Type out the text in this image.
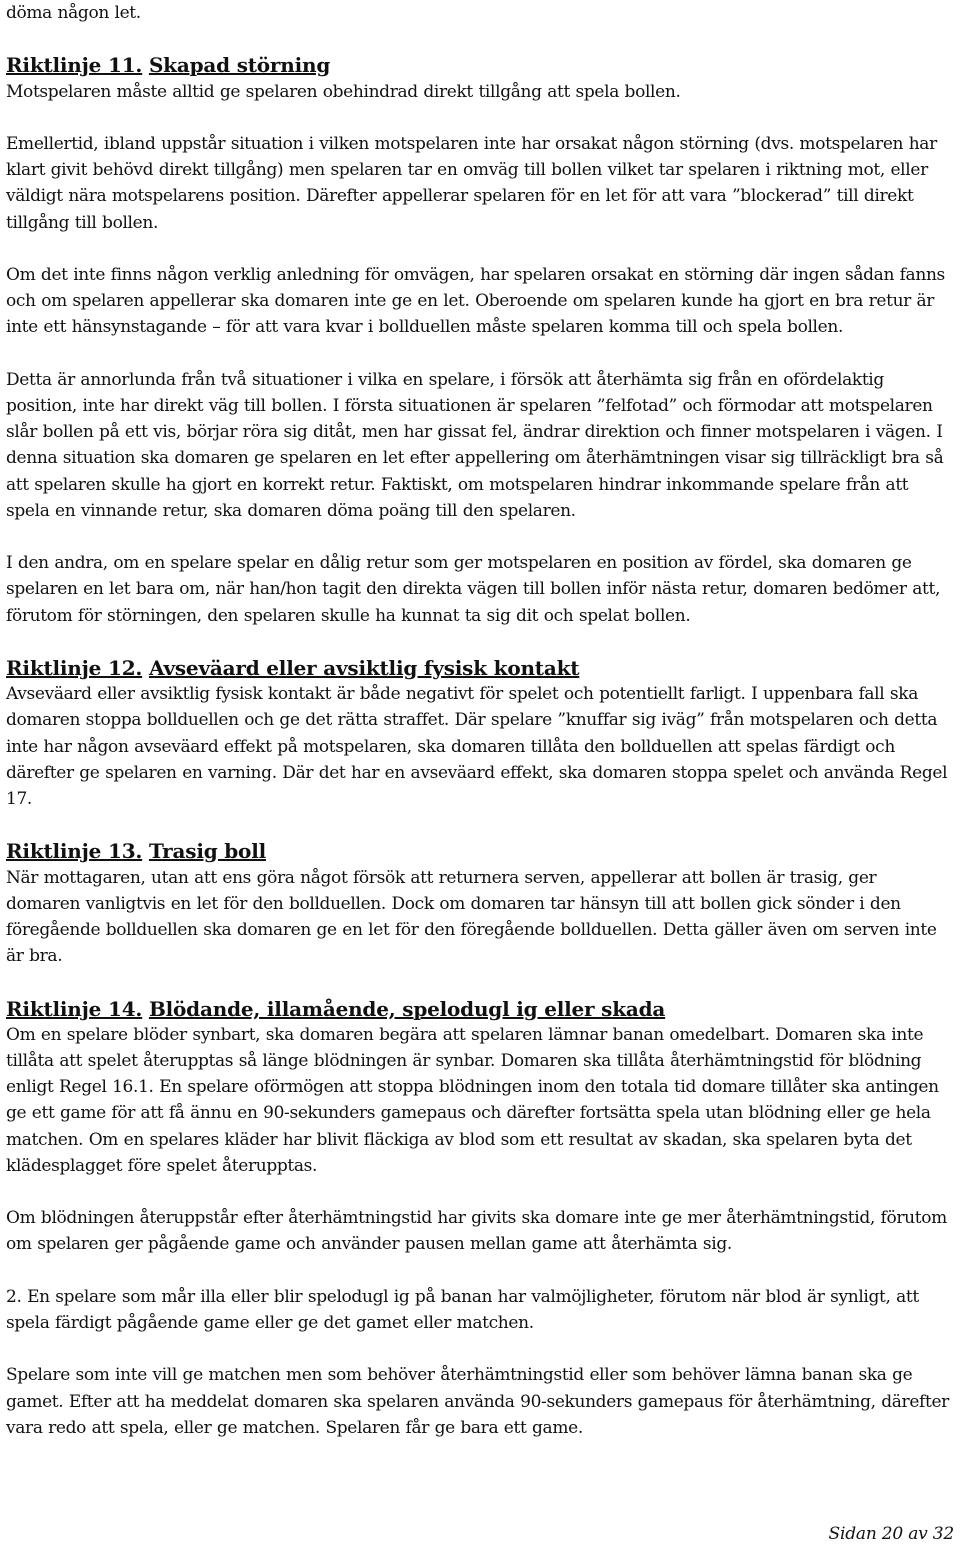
döma någon let.

Riktlinje 11. Skapad störning

Motspelaren måste alltid ge spelaren obehindrad direkt tillgång att spela bollen.

Emellertid, ibland uppstår situation i vilken motspelaren inte har orsakat någon störning (dvs. motspelaren har klart givit behövd direkt tillgång) men spelaren tar en omväg till bollen vilket tar spelaren i riktning mot, eller väldigt nära motspelarens position. Därefter appellerar spelaren för en let för att vara ”blockerad” till direkt tillgång till bollen.

Om det inte finns någon verklig anledning för omvägen, har spelaren orsakat en störning där ingen sådan fanns och om spelaren appellerar ska domaren inte ge en let. Oberoende om spelaren kunde ha gjort en bra retur är inte ett hänsynstagande – för att vara kvar i bollduellen måste spelaren komma till och spela bollen.

Detta är annorlunda från två situationer i vilka en spelare, i försök att återhämta sig från en ofördelaktig position, inte har direkt väg till bollen. I första situationen är spelaren ”felfotad” och förmodar att motspelaren slår bollen på ett vis, börjar röra sig ditåt, men har gissat fel, ändrar direktion och finner motspelaren i vägen. I denna situation ska domaren ge spelaren en let efter appellering om återhämtningen visar sig tillräckligt bra så att spelaren skulle ha gjort en korrekt retur. Faktiskt, om motspelaren hindrar inkommande spelare från att spela en vinnande retur, ska domaren döma poäng till den spelaren.

I den andra, om en spelare spelar en dålig retur som ger motspelaren en position av fördel, ska domaren ge spelaren en let bara om, när han/hon tagit den direkta vägen till bollen inför nästa retur, domaren bedömer att, förutom för störningen, den spelaren skulle ha kunnat ta sig dit och spelat bollen.

Riktlinje 12. Avseväard eller avsiktlig fysisk kontakt

Avseväard eller avsiktlig fysisk kontakt är både negativt för spelet och potentiellt farligt. I uppenbara fall ska domaren stoppa bollduellen och ge det rätta straffet. Där spelare ”knuffar sig iväg” från motspelaren och detta inte har någon avseväard effekt på motspelaren, ska domaren tillåta den bollduellen att spelas färdigt och därefter ge spelaren en varning. Där det har en avseväard effekt, ska domaren stoppa spelet och använda Regel 17.

Riktlinje 13. Trasig boll

När mottagaren, utan att ens göra något försök att returnera serven, appellerar att bollen är trasig, ger domaren vanligtvis en let för den bollduellen. Dock om domaren tar hänsyn till att bollen gick sönder i den föregående bollduellen ska domaren ge en let för den föregående bollduellen. Detta gäller även om serven inte är bra.

Riktlinje 14. Blödande, illamående, spelodugl ig eller skada

Om en spelare blöder synbart, ska domaren begära att spelaren lämnar banan omedelbart. Domaren ska inte tillåta att spelet återupptas så länge blödningen är synbar. Domaren ska tillåta återhämtningstid för blödning enligt Regel 16.1. En spelare oförmögen att stoppa blödningen inom den totala tid domare tillåter ska antingen ge ett game för att få ännu en 90-sekunders gamepaus och därefter fortsätta spela utan blödning eller ge hela matchen. Om en spelares kläder har blivit fläckiga av blod som ett resultat av skadan, ska spelaren byta det klädesplagget före spelet återupptas.

Om blödningen återuppstår efter återhämtningstid har givits ska domare inte ge mer återhämtningstid, förutom om spelaren ger pågående game och använder pausen mellan game att återhämta sig.

2. En spelare som mår illa eller blir spelodugl ig på banan har valmöjligheter, förutom när blod är synligt, att spela färdigt pågående game eller ge det gamet eller matchen.

Spelare som inte vill ge matchen men som behöver återhämtningstid eller som behöver lämna banan ska ge gamet. Efter att ha meddelat domaren ska spelaren använda 90-sekunders gamepaus för återhämtning, därefter vara redo att spela, eller ge matchen. Spelaren får ge bara ett game.

Sidan 20 av 32
